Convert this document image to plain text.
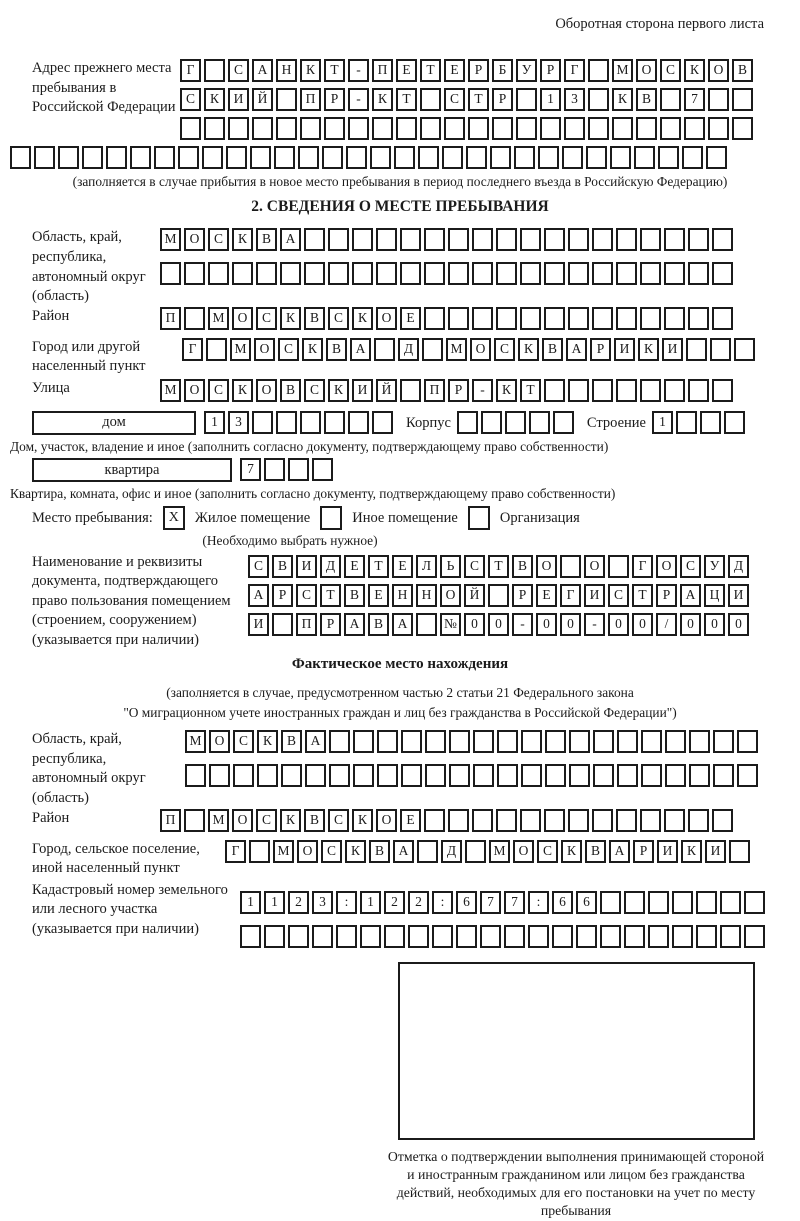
Оборотная сторона первого листа
Адрес прежнего места пребывания в Российской Федерации
Г	С А Н К Т - П Е Т Е Р Б У Р Г	М О С К О В
С К И Й	П Р - К Т	С Т Р	1 3	К В	7
(заполняется в случае прибытия в новое место пребывания в период последнего въезда в Российскую Федерацию)
2. СВЕДЕНИЯ О МЕСТЕ ПРЕБЫВАНИЯ
Область, край, республика, автономный округ (область)
М О С К В А
Район	П	М О С К В С К О Е
Город или другой населенный пункт
Г	М О С К В А	Д	М О С К В А Р И К И
Улица	М О С К О В С К И Й	П Р - К Т
дом	1 3	Корпус	Строение 1
Дом, участок, владение и иное (заполнить согласно документу, подтверждающему право собственности)
квартира	7
Квартира, комната, офис и иное (заполнить согласно документу, подтверждающему право собственности)
Место пребывания: X Жилое помещение	Иное помещение	Организация
(Необходимо выбрать нужное)
Наименование и реквизиты документа, подтверждающего право пользования помещением (строением, сооружением) (указывается при наличии)
С В И Д Е Т Е Л Ь С Т В О	О	Г О С У Д
А Р С Т В Е Н Н О Й	Р Е Г И С Т Р А Ц И
И	П Р А В А	№ 0 0 - 0 0 - 0 0 / 0 0 0
Фактическое место нахождения
(заполняется в случае, предусмотренном частью 2 статьи 21 Федерального закона
"О миграционном учете иностранных граждан и лиц без гражданства в Российской Федерации")
Область, край, республика, автономный округ (область)
М О С К В А
Район	П	М О С К В С К О Е
Город, сельское поселение, иной населенный пункт
Г	М О С К В А	Д	М О С К В А Р И К И
Кадастровый номер земельного или лесного участка (указывается при наличии)
1 1 2 3 : 1 2 2 : 6 7 7 : 6 6
Отметка о подтверждении выполнения принимающей стороной и иностранным гражданином или лицом без гражданства действий, необходимых для его постановки на учет по месту пребывания
